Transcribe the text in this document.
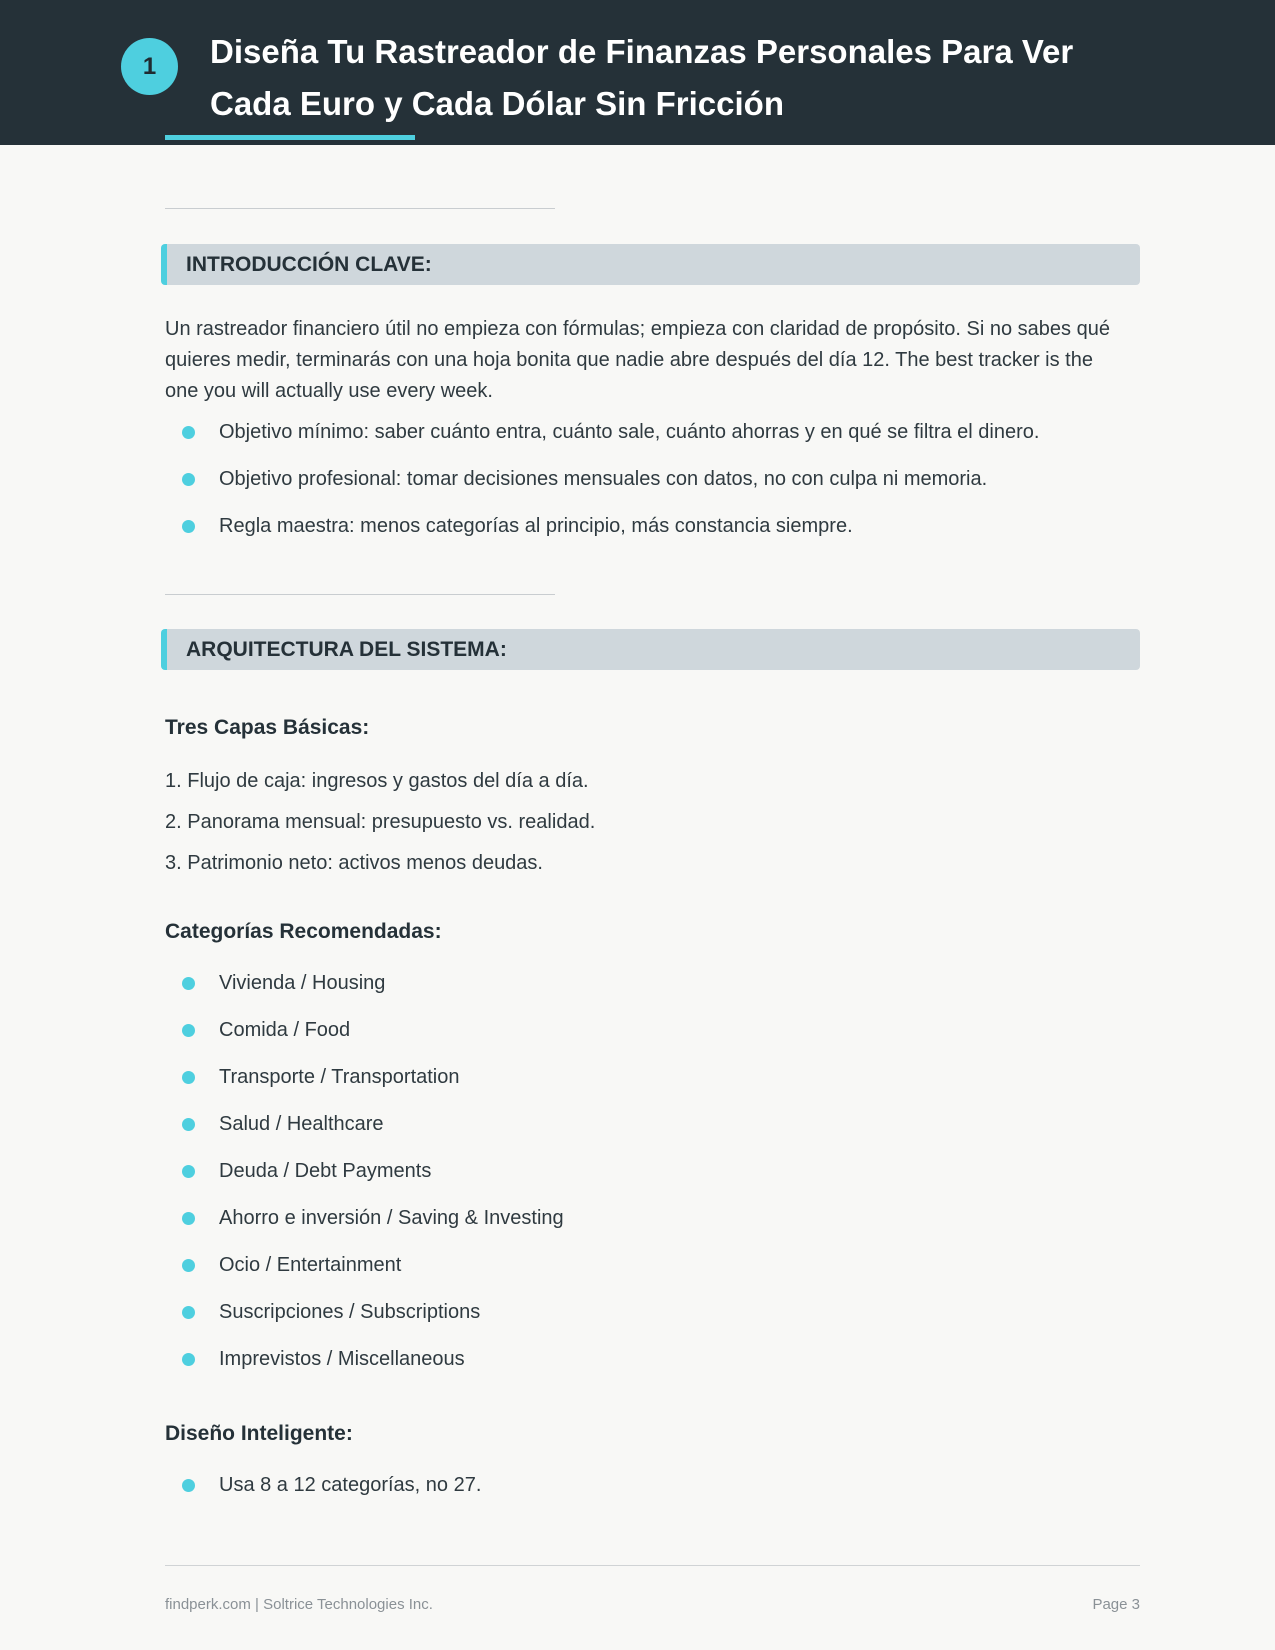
1	Diseña Tu Rastreador de Finanzas Personales Para Ver Cada Euro y Cada Dólar Sin Fricción
INTRODUCCIÓN CLAVE:

Un rastreador financiero útil no empieza con fórmulas; empieza con claridad de propósito. Si no sabes qué quieres medir, terminarás con una hoja bonita que nadie abre después del día 12. The best tracker is the one you will actually use every week.

Objetivo mínimo: saber cuánto entra, cuánto sale, cuánto ahorras y en qué se filtra el dinero.
Objetivo profesional: tomar decisiones mensuales con datos, no con culpa ni memoria.
Regla maestra: menos categorías al principio, más constancia siempre.
ARQUITECTURA DEL SISTEMA:
Tres Capas Básicas:
1. Flujo de caja: ingresos y gastos del día a día.
2. Panorama mensual: presupuesto vs. realidad.
3. Patrimonio neto: activos menos deudas.
Categorías Recomendadas:
Vivienda / Housing
Comida / Food
Transporte / Transportation
Salud / Healthcare
Deuda / Debt Payments
Ahorro e inversión / Saving & Investing
Ocio / Entertainment
Suscripciones / Subscriptions
Imprevistos / Miscellaneous
Diseño Inteligente:
Usa 8 a 12 categorías, no 27.
findperk.com | Soltrice Technologies Inc.	Page 3
